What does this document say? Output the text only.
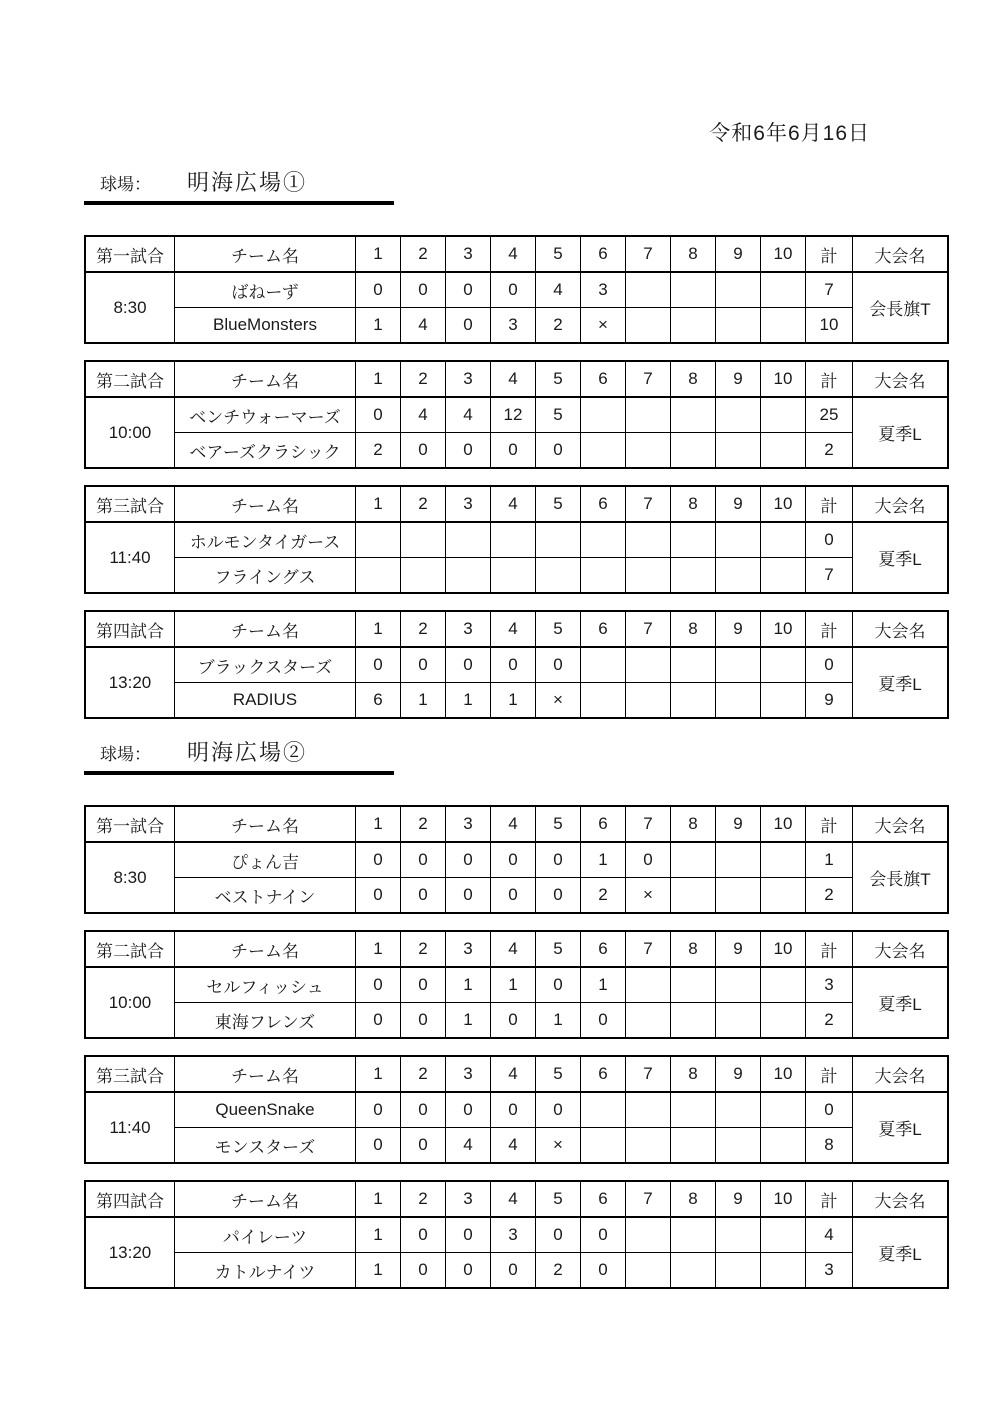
令和6年6月16日
球場： 明海広場①
第一試合	チーム名	1	2	3	4	5	6	7	8	9	10	計	大会名
8:30	ばねーず	0	0	0	0	4	3					7	会長旗T
	BlueMonsters	1	4	0	3	2	×					10	
第二試合	チーム名	1	2	3	4	5	6	7	8	9	10	計	大会名
10:00	ベンチウォーマーズ	0	4	4	12	5						25	夏季L
	ベアーズクラシック	2	0	0	0	0						2	
第三試合	チーム名	1	2	3	4	5	6	7	8	9	10	計	大会名
11:40	ホルモンタイガース											0	夏季L
	フライングス											7	
第四試合	チーム名	1	2	3	4	5	6	7	8	9	10	計	大会名
13:20	ブラックスターズ	0	0	0	0	0						0	夏季L
	RADIUS	6	1	1	1	×						9	
球場： 明海広場②
第一試合	チーム名	1	2	3	4	5	6	7	8	9	10	計	大会名
8:30	ぴょん吉	0	0	0	0	0	1	0				1	会長旗T
	ベストナイン	0	0	0	0	0	2	×				2	
第二試合	チーム名	1	2	3	4	5	6	7	8	9	10	計	大会名
10:00	セルフィッシュ	0	0	1	1	0	1					3	夏季L
	東海フレンズ	0	0	1	0	1	0					2	
第三試合	チーム名	1	2	3	4	5	6	7	8	9	10	計	大会名
11:40	QueenSnake	0	0	0	0	0						0	夏季L
	モンスターズ	0	0	4	4	×						8	
第四試合	チーム名	1	2	3	4	5	6	7	8	9	10	計	大会名
13:20	パイレーツ	1	0	0	3	0	0					4	夏季L
	カトルナイツ	1	0	0	0	2	0					3	
